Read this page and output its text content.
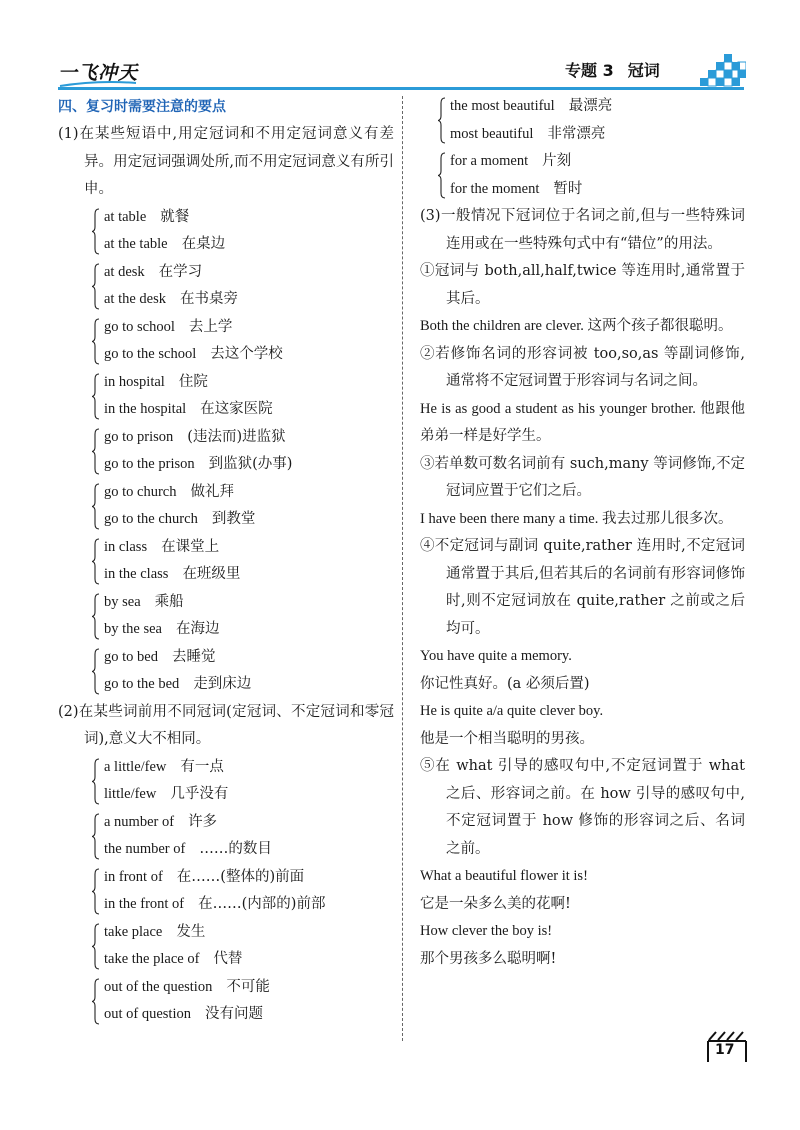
一飞冲天	专题 3 冠词
四、复习时需要注意的要点
(1)在某些短语中,用定冠词和不用定冠词意义有差异。用定冠词强调处所,而不用定冠词意义有所引申。
at table 就餐
at the table 在桌边
at desk 在学习
at the desk 在书桌旁
go to school 去上学
go to the school 去这个学校
in hospital 住院
in the hospital 在这家医院
go to prison (违法而)进监狱
go to the prison 到监狱(办事)
go to church 做礼拜
go to the church 到教堂
in class 在课堂上
in the class 在班级里
by sea 乘船
by the sea 在海边
go to bed 去睡觉
go to the bed 走到床边
(2)在某些词前用不同冠词(定冠词、不定冠词和零冠词),意义大不相同。
a little/few 有一点
little/few 几乎没有
a number of 许多
the number of ……的数目
in front of 在……(整体的)前面
in the front of 在……(内部的)前部
take place 发生
take the place of 代替
out of the question 不可能
out of question 没有问题
the most beautiful 最漂亮
most beautiful 非常漂亮
for a moment 片刻
for the moment 暂时
(3)一般情况下冠词位于名词之前,但与一些特殊词连用或在一些特殊句式中有“错位”的用法。
①冠词与 both,all,half,twice 等连用时,通常置于其后。
Both the children are clever. 这两个孩子都很聪明。
②若修饰名词的形容词被 too,so,as 等副词修饰,通常将不定冠词置于形容词与名词之间。
He is as good a student as his younger brother. 他跟他弟弟一样是好学生。
③若单数可数名词前有 such,many 等词修饰,不定冠词应置于它们之后。
I have been there many a time. 我去过那儿很多次。
④不定冠词与副词 quite,rather 连用时,不定冠词通常置于其后,但若其后的名词前有形容词修饰时,则不定冠词放在 quite,rather 之前或之后均可。
You have quite a memory.
你记性真好。(a 必须后置)
He is quite a/a quite clever boy.
他是一个相当聪明的男孩。
⑤在 what 引导的感叹句中,不定冠词置于 what 之后、形容词之前。在 how 引导的感叹句中,不定冠词置于 how 修饰的形容词之后、名词之前。
What a beautiful flower it is!
它是一朵多么美的花啊!
How clever the boy is!
那个男孩多么聪明啊!
17
